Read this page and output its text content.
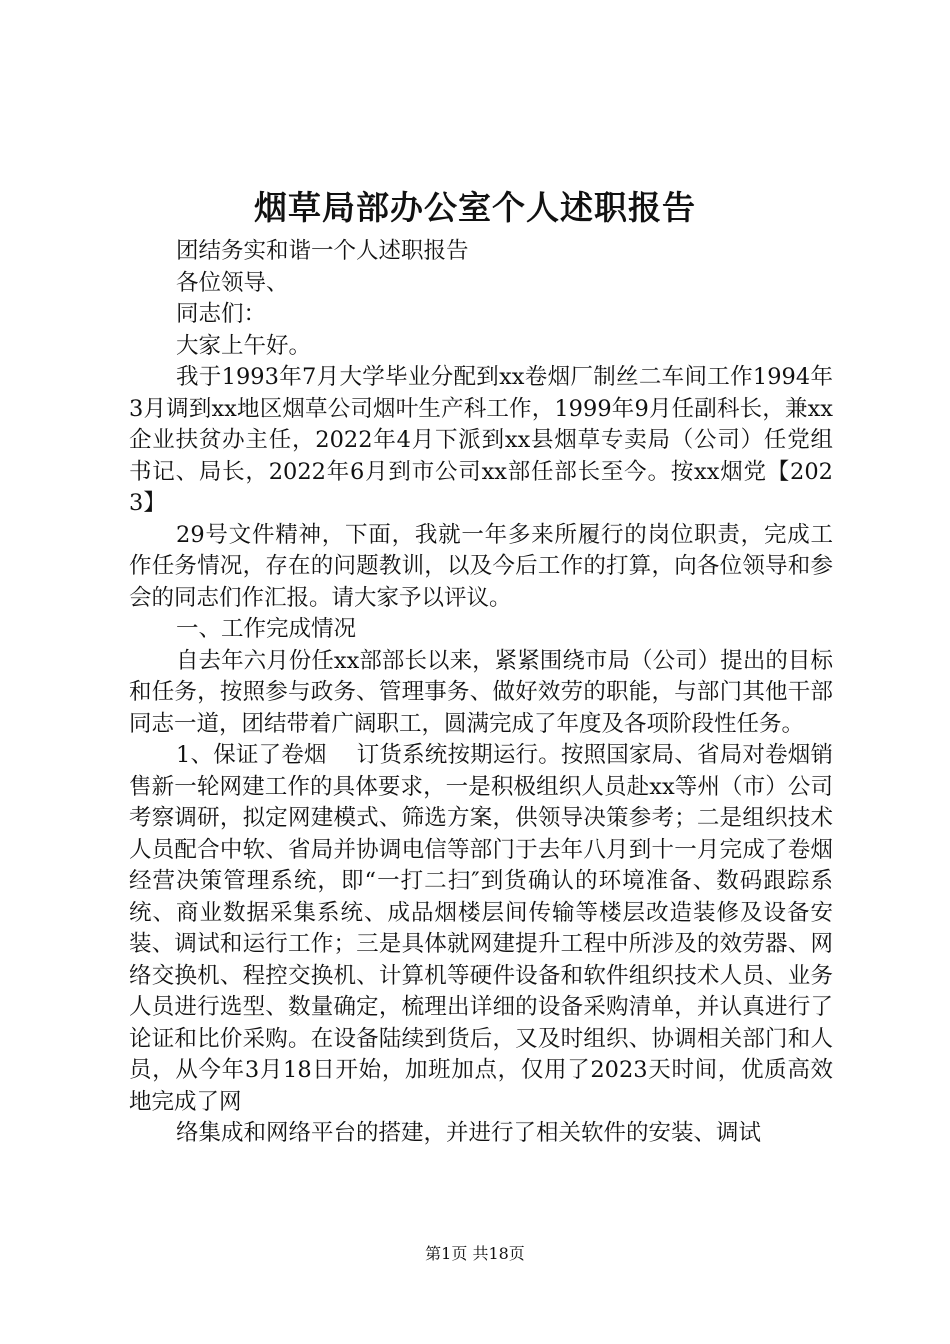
烟草局部办公室个人述职报告

团结务实和谐一个人述职报告

各位领导、

同志们：

大家上午好。

我于1993年7月大学毕业分配到xx卷烟厂制丝二车间工作1994年3月调到xx地区烟草公司烟叶生产科工作，1999年9月任副科长，兼xx企业扶贫办主任，2022年4月下派到xx县烟草专卖局（公司）任党组书记、局长，2022年6月到市公司xx部任部长至今。按xx烟党【2023】

29号文件精神，下面，我就一年多来所履行的岗位职责，完成工作任务情况，存在的问题教训，以及今后工作的打算，向各位领导和参会的同志们作汇报。请大家予以评议。

一、工作完成情况

自去年六月份任xx部部长以来，紧紧围绕市局（公司）提出的目标和任务，按照参与政务、管理事务、做好效劳的职能，与部门其他干部同志一道，团结带着广阔职工，圆满完成了年度及各项阶段性任务。

1、保证了卷烟　 订货系统按期运行。按照国家局、省局对卷烟销售新一轮网建工作的具体要求，一是积极组织人员赴xx等州（市）公司考察调研，拟定网建模式、筛选方案，供领导决策参考；二是组织技术人员配合中软、省局并协调电信等部门于去年八月到十一月完成了卷烟经营决策管理系统，即“一打二扫″到货确认的环境准备、数码跟踪系统、商业数据采集系统、成品烟楼层间传输等楼层改造装修及设备安装、调试和运行工作；三是具体就网建提升工程中所涉及的效劳器、网络交换机、程控交换机、计算机等硬件设备和软件组织技术人员、业务人员进行选型、数量确定，梳理出详细的设备采购清单，并认真进行了论证和比价采购。在设备陆续到货后，又及时组织、协调相关部门和人员，从今年3月18日开始，加班加点，仅用了2023天时间，优质高效地完成了网

络集成和网络平台的搭建，并进行了相关软件的安装、调试

第1页 共18页
